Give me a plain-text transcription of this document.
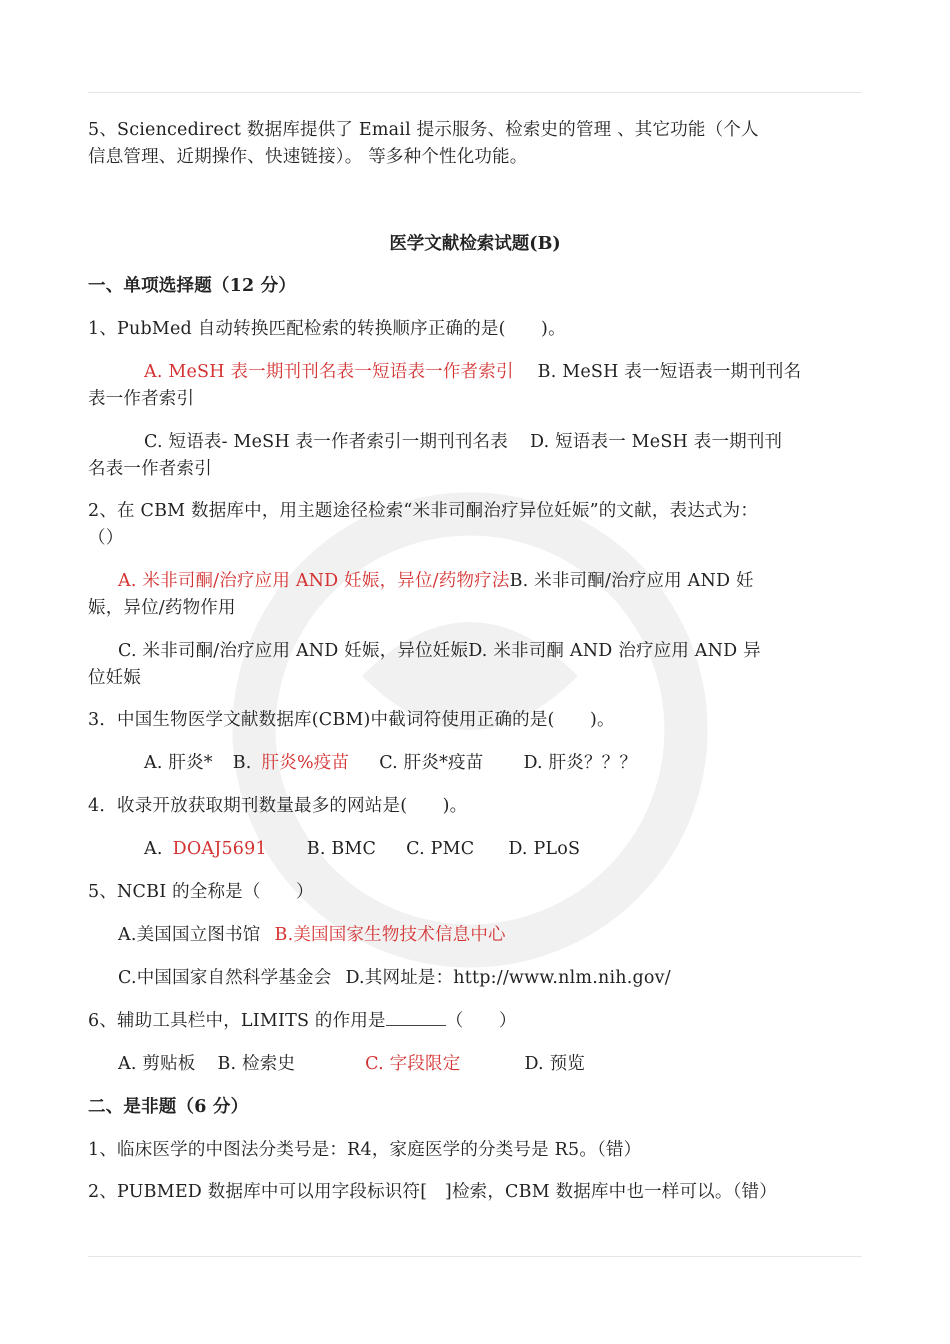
5、Sciencedirect 数据库提供了 Email 提示服务、检索史的管理 、其它功能（个人
信息管理、近期操作、快速链接）。 等多种个性化功能。
医学文献检索试题(B)
一、单项选择题（12 分）
1、PubMed 自动转换匹配检索的转换顺序正确的是(　　)。
A. MeSH 表一期刊刊名表一短语表一作者索引 B. MeSH 表一短语表一期刊刊名
表一作者索引
C. 短语表- MeSH 表一作者索引一期刊刊名表 D. 短语表一 MeSH 表一期刊刊
名表一作者索引
2、在 CBM 数据库中，用主题途径检索“米非司酮治疗异位妊娠”的文献，表达式为：
（）
A. 米非司酮/治疗应用 AND 妊娠，异位/药物疗法B. 米非司酮/治疗应用 AND 妊
娠，异位/药物作用
C. 米非司酮/治疗应用 AND 妊娠，异位妊娠D. 米非司酮 AND 治疗应用 AND 异
位妊娠
3．中国生物医学文献数据库(CBM)中截词符使用正确的是(　　)。
A. 肝炎* B. 肝炎%疫苗 C. 肝炎*疫苗 D. 肝炎？？？
4．收录开放获取期刊数量最多的网站是(　　)。
A. DOAJ5691 B. BMC C. PMC D. PLoS
5、NCBI 的全称是（　　）
A.美国国立图书馆 B.美国国家生物技术信息中心
C.中国国家自然科学基金会 D.其网址是：http://www.nlm.nih.gov/
6、辅助工具栏中，LIMITS 的作用是	（　　）
A. 剪贴板 B. 检索史	C. 字段限定	D. 预览
二、是非题（6 分）
1、临床医学的中图法分类号是：R4，家庭医学的分类号是 R5。（错）
2、PUBMED 数据库中可以用字段标识符[　]检索，CBM 数据库中也一样可以。（错）
